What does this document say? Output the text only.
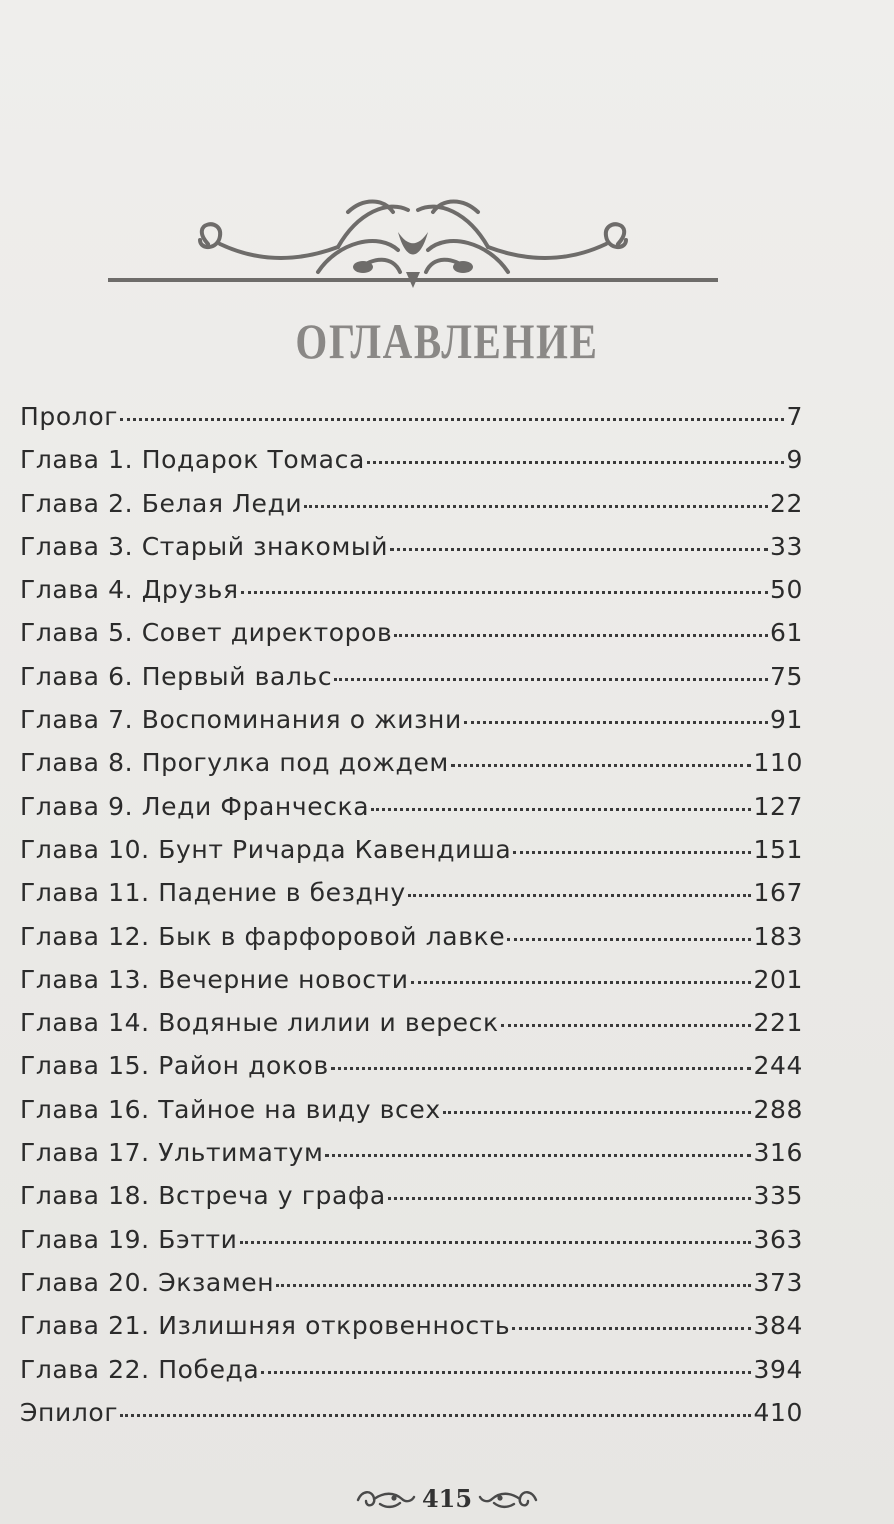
ОГЛАВЛЕНИЕ
Пролог	7
Глава 1. Подарок Томаса	9
Глава 2. Белая Леди	22
Глава 3. Старый знакомый	33
Глава 4. Друзья	50
Глава 5. Совет директоров	61
Глава 6. Первый вальс	75
Глава 7. Воспоминания о жизни	91
Глава 8. Прогулка под дождем	110
Глава 9. Леди Франческа	127
Глава 10. Бунт Ричарда Кавендиша	151
Глава 11. Падение в бездну	167
Глава 12. Бык в фарфоровой лавке	183
Глава 13. Вечерние новости	201
Глава 14. Водяные лилии и вереск	221
Глава 15. Район доков	244
Глава 16. Тайное на виду всех	288
Глава 17. Ультиматум	316
Глава 18. Встреча у графа	335
Глава 19. Бэтти	363
Глава 20. Экзамен	373
Глава 21. Излишняя откровенность	384
Глава 22. Победа	394
Эпилог	410
415
